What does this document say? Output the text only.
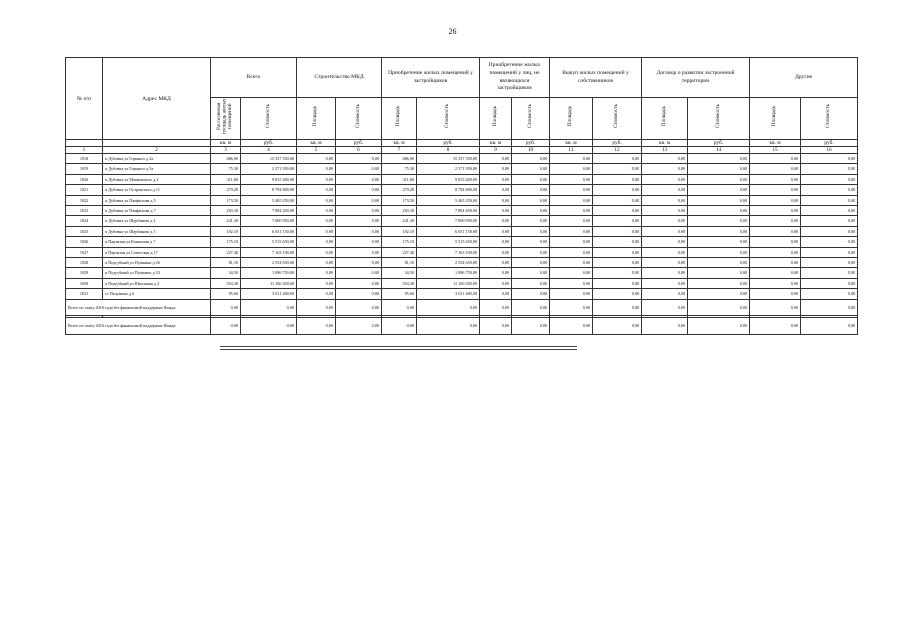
26
№ п/п	Адрес МКД	Всего		Строительство МКД		Приобретение жилых помещений у застройщиков		Приобретение жилых помещений у лиц, не являющихся застройщиком		Выкуп жилых помещений у собственников		Договор о развитии застроенной территории		Другие	
		Расселяемая площадь жилых помещений	Стоимость	Площадь	Стоимость	Площадь	Стоимость	Площадь	Стоимость	Площадь	Стоимость	Площадь	Стоимость	Площадь	Стоимость
		кв. м	руб.	кв. м	руб.	кв. м	руб.	кв. м	руб.	кв. м	руб.	кв. м	руб.	кв. м	руб.
1	2	3	4	5	6	7	8	9	10	11	12	13	14	15	16
1018	п Дубовка ул Горького д 2а	486,90	15 337 350,00	0,00	0,00	486,90	15 337 350,00	0,00	0,00	0,00	0,00	0,00	0,00	0,00	0,00
1019	п Дубовка ул Горького д 5а	75,30	2 371 950,00	0,00	0,00	75,30	2 371 950,00	0,00	0,00	0,00	0,00	0,00	0,00	0,00	0,00
1020	п Дубовка ул Маяковского д 2	311,60	9 815 400,00	0,00	0,00	311,60	9 815 400,00	0,00	0,00	0,00	0,00	0,00	0,00	0,00	0,00
1021	п Дубовка ул Островского д 11	279,20	8 794 800,00	0,00	0,00	279,20	8 794 800,00	0,00	0,00	0,00	0,00	0,00	0,00	0,00	0,00
1022	п Дубовка ул Панфилова д 5	173,50	5 465 250,00	0,00	0,00	173,50	5 465 250,00	0,00	0,00	0,00	0,00	0,00	0,00	0,00	0,00
1023	п Дубовка ул Панфилова д 7	250,30	7 884 450,00	0,00	0,00	250,30	7 884 450,00	0,00	0,00	0,00	0,00	0,00	0,00	0,00	0,00
1024	п Дубовка ул Щербакова д 2	241,30	7 600 950,00	0,00	0,00	241,30	7 600 950,00	0,00	0,00	0,00	0,00	0,00	0,00	0,00	0,00
1025	п Дубовка ул Щербакова д 3	192,10	6 051 150,00	0,00	0,00	192,10	6 051 150,00	0,00	0,00	0,00	0,00	0,00	0,00	0,00	0,00
1026	п Партизан ул Казанская д 7	175,10	5 515 650,00	0,00	0,00	175,10	5 515 650,00	0,00	0,00	0,00	0,00	0,00	0,00	0,00	0,00
1027	п Партизан ул Советская д 17	227,40	7 163 100,00	0,00	0,00	227,40	7 163 100,00	0,00	0,00	0,00	0,00	0,00	0,00	0,00	0,00
1028	п Подгубный ул Пушкина д 26	81,10	2 554 650,00	0,00	0,00	81,10	2 554 650,00	0,00	0,00	0,00	0,00	0,00	0,00	0,00	0,00
1029	п Подгубный ул Пушкина д 33	34,50	1 086 750,00	0,00	0,00	34,50	1 086 750,00	0,00	0,00	0,00	0,00	0,00	0,00	0,00	0,00
1030	п Подгубный ул Школьная д 2	354,30	11 160 450,00	0,00	0,00	354,30	11 160 450,00	0,00	0,00	0,00	0,00	0,00	0,00	0,00	0,00
1031	ст Полунино д 6	95,60	3 011 400,00	0,00	0,00	95,60	3 011 400,00	0,00	0,00	0,00	0,00	0,00	0,00	0,00	0,00
Всего по этапу 2016 года без финансовой поддержки Фонда:		0,00	0,00	0,00	0,00	0,00	0,00	0,00	0,00	0,00	0,00	0,00	0,00	0,00	0,00

Всего по этапу 2016 года без финансовой поддержки Фонда:		0,00	0,00	0,00	0,00	0,00	0,00	0,00	0,00	0,00	0,00	0,00	0,00	0,00	0,00
